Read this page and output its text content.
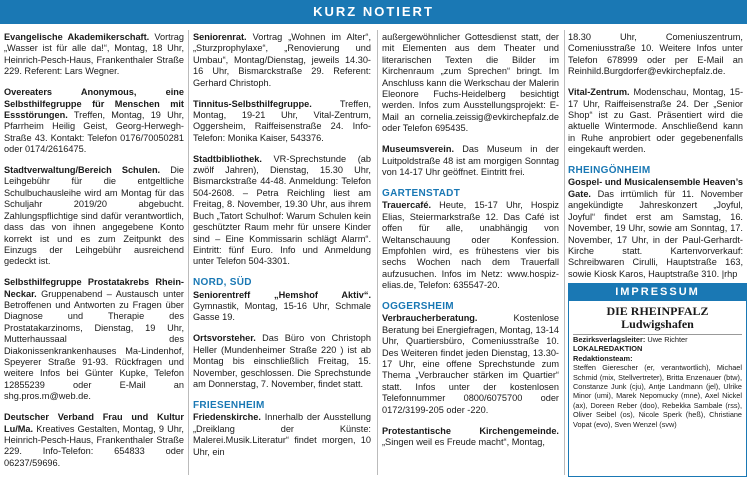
KURZ NOTIERT

Evangelische Akademikerschaft. Vortrag „Wasser ist für alle da!“, Montag, 18 Uhr, Heinrich-Pesch-Haus, Frankenthaler Straße 229. Referent: Lars Wegner.

Overeaters Anonymous, eine Selbsthilfegruppe für Menschen mit Essstörungen. Treffen, Montag, 19 Uhr, Pfarrheim Heilig Geist, Georg-Herwegh-Straße 43. Kontakt: Telefon 0176/70050281 oder 0174/2616475.

Stadtverwaltung/Bereich Schulen. Die Leihgebühr für die entgeltliche Schulbuchausleihe wird am Montag für das Schuljahr 2019/20 abgebucht. Zahlungspflichtige sind dafür verantwortlich, dass das von ihnen angegebene Konto korrekt ist und es zum Zeitpunkt des Einzugs der Leihgebühr ausreichend gedeckt ist.

Selbsthilfegruppe Prostatakrebs Rhein-Neckar. Gruppenabend – Austausch unter Betroffenen und Antworten zu Fragen über Diagnose und Therapie des Prostatakarzinoms, Dienstag, 19 Uhr, Mutterhaussaal des Diakonissenkrankenhauses Ma-Lindenhof, Speyerer Straße 91-93. Rückfragen und weitere Infos bei Günter Kupke, Telefon 12855239 oder E-Mail an shg.pros.m@web.de.

Deutscher Verband Frau und Kultur Lu/Ma. Kreatives Gestalten, Montag, 9 Uhr, Heinrich-Pesch-Haus, Frankenthaler Straße 229. Info-Telefon: 654833 oder 06237/59696.

Seniorenrat. Vortrag „Wohnen im Alter“, „Sturzprophylaxe“, „Renovierung und Umbau“, Montag/Dienstag, jeweils 14.30-16 Uhr, Bismarckstraße 29. Referent: Gerhard Christoph.

Tinnitus-Selbsthilfegruppe. Treffen, Montag, 19-21 Uhr, Vital-Zentrum, Oggersheim, Raiffeisenstraße 24. Info-Telefon: Monika Kaiser, 543376.

Stadtbibliothek. VR-Sprechstunde (ab zwölf Jahren), Dienstag, 15.30 Uhr, Bismarckstraße 44-48. Anmeldung: Telefon 504-2608. – Petra Reichling liest am Freitag, 8. November, 19.30 Uhr, aus ihrem Buch „Tatort Schulhof: Warum Schulen kein geschützter Raum mehr für unsere Kinder sind – Eine Kommissarin schlägt Alarm“. Eintritt: fünf Euro. Info und Anmeldung unter Telefon 504-3301.

NORD, SÜD

Seniorentreff „Hemshof Aktiv“. Gymnastik, Montag, 15-16 Uhr, Schmale Gasse 19.

Ortsvorsteher. Das Büro von Christoph Heller (Mundenheimer Straße 220 ) ist ab Montag bis einschließlich Freitag, 15. November, geschlossen. Die Sprechstunde am Donnerstag, 7. November, findet statt.

FRIESENHEIM

Friedenskirche. Innerhalb der Ausstellung „Dreiklang der Künste: Malerei.Musik.Literatur“ findet morgen, 10 Uhr, ein

außergewöhnlicher Gottesdienst statt, der mit Elementen aus dem Theater und literarischen Texten die Bilder im Kirchenraum „zum Sprechen“ bringt. Im Anschluss kann die Werkschau der Malerin Eleonore Fuchs-Heidelberg besichtigt werden. Infos zum Ausstellungsprojekt: E-Mail an cornelia.zeissig@evkirchepfalz.de oder Telefon 695435.

Museumsverein. Das Museum in der Luitpoldstraße 48 ist am morgigen Sonntag von 14-17 Uhr geöffnet. Eintritt frei.

GARTENSTADT

Trauercafé. Heute, 15-17 Uhr, Hospiz Elias, Steiermarkstraße 12. Das Café ist offen für alle, unabhängig von Weltanschauung oder Konfession. Empfohlen wird, es frühestens vier bis sechs Wochen nach dem Trauerfall aufzusuchen. Infos im Netz: www.hospiz-elias.de, Telefon: 635547-20.

OGGERSHEIM

Verbraucherberatung. Kostenlose Beratung bei Energiefragen, Montag, 13-14 Uhr, Quartiersbüro, Comeniusstraße 10. Des Weiteren findet jeden Dienstag, 13.30-17 Uhr, eine offene Sprechstunde zum Thema „Verbraucher stärken im Quartier“ statt. Infos unter der kostenlosen Telefonnummer 0800/6075700 oder 0172/3199-205 oder -220.

Protestantische Kirchengemeinde. „Singen weil es Freude macht“, Montag,

18.30 Uhr, Comeniuszentrum, Comeniusstraße 10. Weitere Infos unter Telefon 678999 oder per E-Mail an Reinhild.Burgdorfer@evkirchepfalz.de.

Vital-Zentrum. Modenschau, Montag, 15-17 Uhr, Raiffeisenstraße 24. Der „Senior Shop“ ist zu Gast. Präsentiert wird die aktuelle Wintermode. Anschließend kann in Ruhe anprobiert oder gegebenenfalls eingekauft werden.

RHEINGÖNHEIM

Gospel- und Musicalensemble Heaven’s Gate. Das irrtümlich für 11. November angekündigte Jahreskonzert „Joyful, Joyful“ findet erst am Samstag, 16. November, 19 Uhr, sowie am Sonntag, 17. November, 17 Uhr, in der Paul-Gerhardt-Kirche statt. Kartenvorverkauf: Schreibwaren Cirulli, Hauptstraße 163, sowie Kiosk Karos, Hauptstraße 310. |rhp

IMPRESSUM
DIE RHEINPFALZ
Ludwigshafen
Bezirksverlagsleiter: Uwe Richter
LOKALREDAKTION
Redaktionsteam:
Steffen Gierescher (er, verantwortlich), Michael Schmid (mix, Stellvertreter), Britta Enzenauer (btw), Constanze Junk (cju), Antje Landmann (jel), Ulrike Minor (umi), Marek Nepomucky (mne), Axel Nickel (ax), Doreen Reber (doo), Rebekka Sambale (rss), Oliver Seibel (os), Nicole Sperk (heß), Christiane Vopat (evo), Sven Wenzel (svw)
